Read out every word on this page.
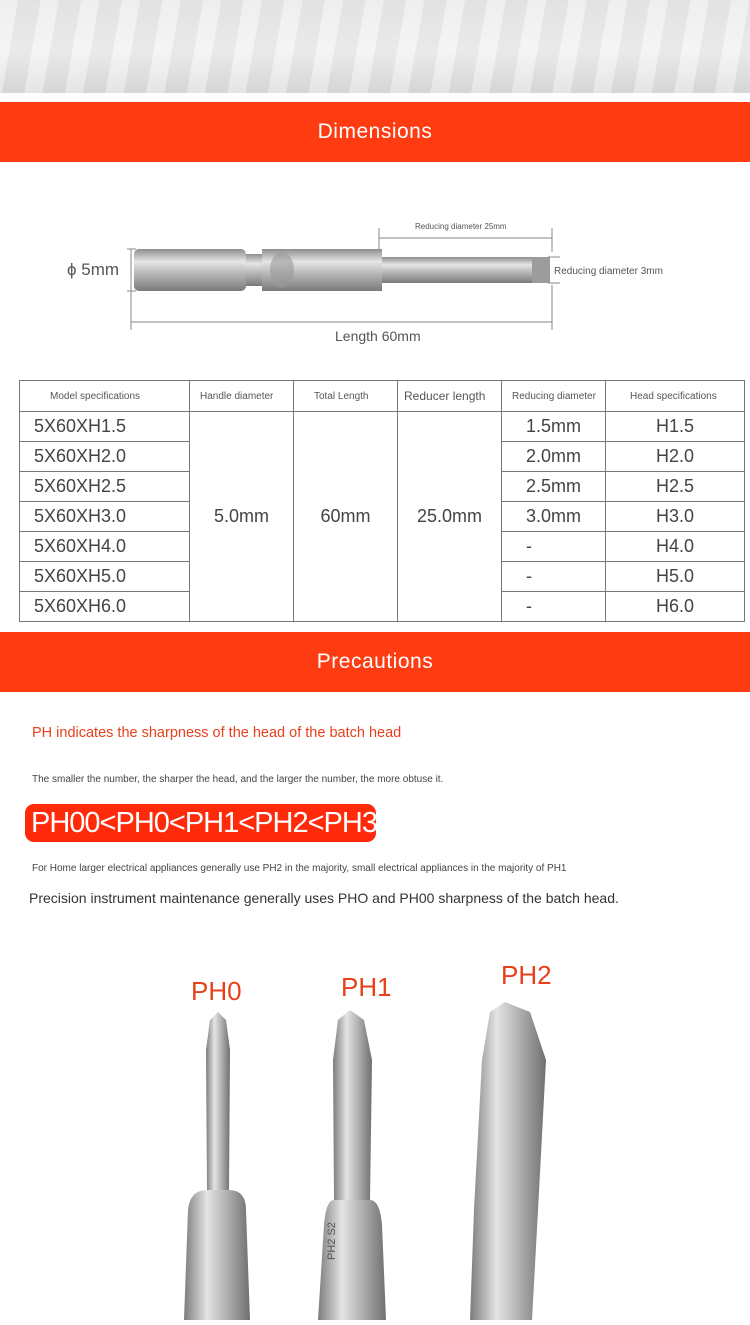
Dimensions
ϕ 5mm
Reducing diameter 25mm
Reducing diameter 3mm
Length 60mm
Model specifications	Handle diameter	Total Length	Reducer length	Reducing diameter	Head specifications
5X60XH1.5	5.0mm	60mm	25.0mm	1.5mm	H1.5
5X60XH2.0				2.0mm	H2.0
5X60XH2.5				2.5mm	H2.5
5X60XH3.0				3.0mm	H3.0
5X60XH4.0				-	H4.0
5X60XH5.0				-	H5.0
5X60XH6.0				-	H6.0
Precautions
PH indicates the sharpness of the head of the batch head
The smaller the number, the sharper the head, and the larger the number, the more obtuse it.
PH00<PH0<PH1<PH2<PH3
For Home larger electrical appliances generally use PH2 in the majority, small electrical appliances in the majority of PH1
Precision instrument maintenance generally uses PHO and PH00 sharpness of the batch head.
PH0	PH1	PH2
PH2 S2
